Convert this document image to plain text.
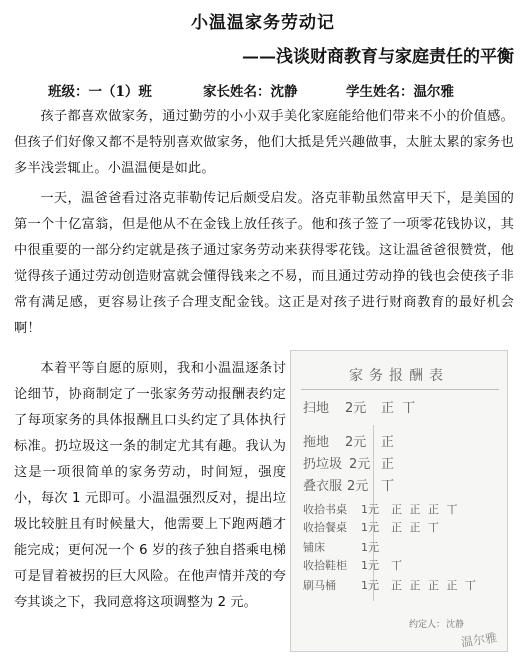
小温温家务劳动记
——浅谈财商教育与家庭责任的平衡
班级：一（1）班	家长姓名：沈静	学生姓名：温尔雅

孩子都喜欢做家务，通过勤劳的小小双手美化家庭能给他们带来不小的价值感。但孩子们好像又都不是特别喜欢做家务，他们大抵是凭兴趣做事，太脏太累的家务也多半浅尝辄止。小温温便是如此。

一天，温爸爸看过洛克菲勒传记后颇受启发。洛克菲勒虽然富甲天下，是美国的第一个十亿富翁，但是他从不在金钱上放任孩子。他和孩子签了一项零花钱协议，其中很重要的一部分约定就是孩子通过家务劳动来获得零花钱。这让温爸爸很赞赏，他觉得孩子通过劳动创造财富就会懂得钱来之不易，而且通过劳动挣的钱也会使孩子非常有满足感，更容易让孩子合理支配金钱。这正是对孩子进行财商教育的最好机会啊！

本着平等自愿的原则，我和小温温逐条讨论细节，协商制定了一张家务劳动报酬表约定了每项家务的具体报酬且口头约定了具体执行标准。扔垃圾这一条的制定尤其有趣。我认为这是一项很简单的家务劳动，时间短，强度小，每次 1 元即可。小温温强烈反对，提出垃圾比较脏且有时候量大，他需要上下跑两趟才能完成；更何况一个 6 岁的孩子独自搭乘电梯可是冒着被拐的巨大风险。在他声情并茂的夸夸其谈之下，我同意将这项调整为 2 元。

家务报酬表
扫地 2元 正 丅
拖地 2元 正
扔垃圾 2元 正
叠衣服 2元 丅
收拾书桌 1元 正 正 正 丅
收拾餐桌 1元 正 正 丅
铺床	1元
收拾鞋柜 1元 丅
刷马桶 1元 正 正 正 正 丅
约定人： 沈静
温尔雅
